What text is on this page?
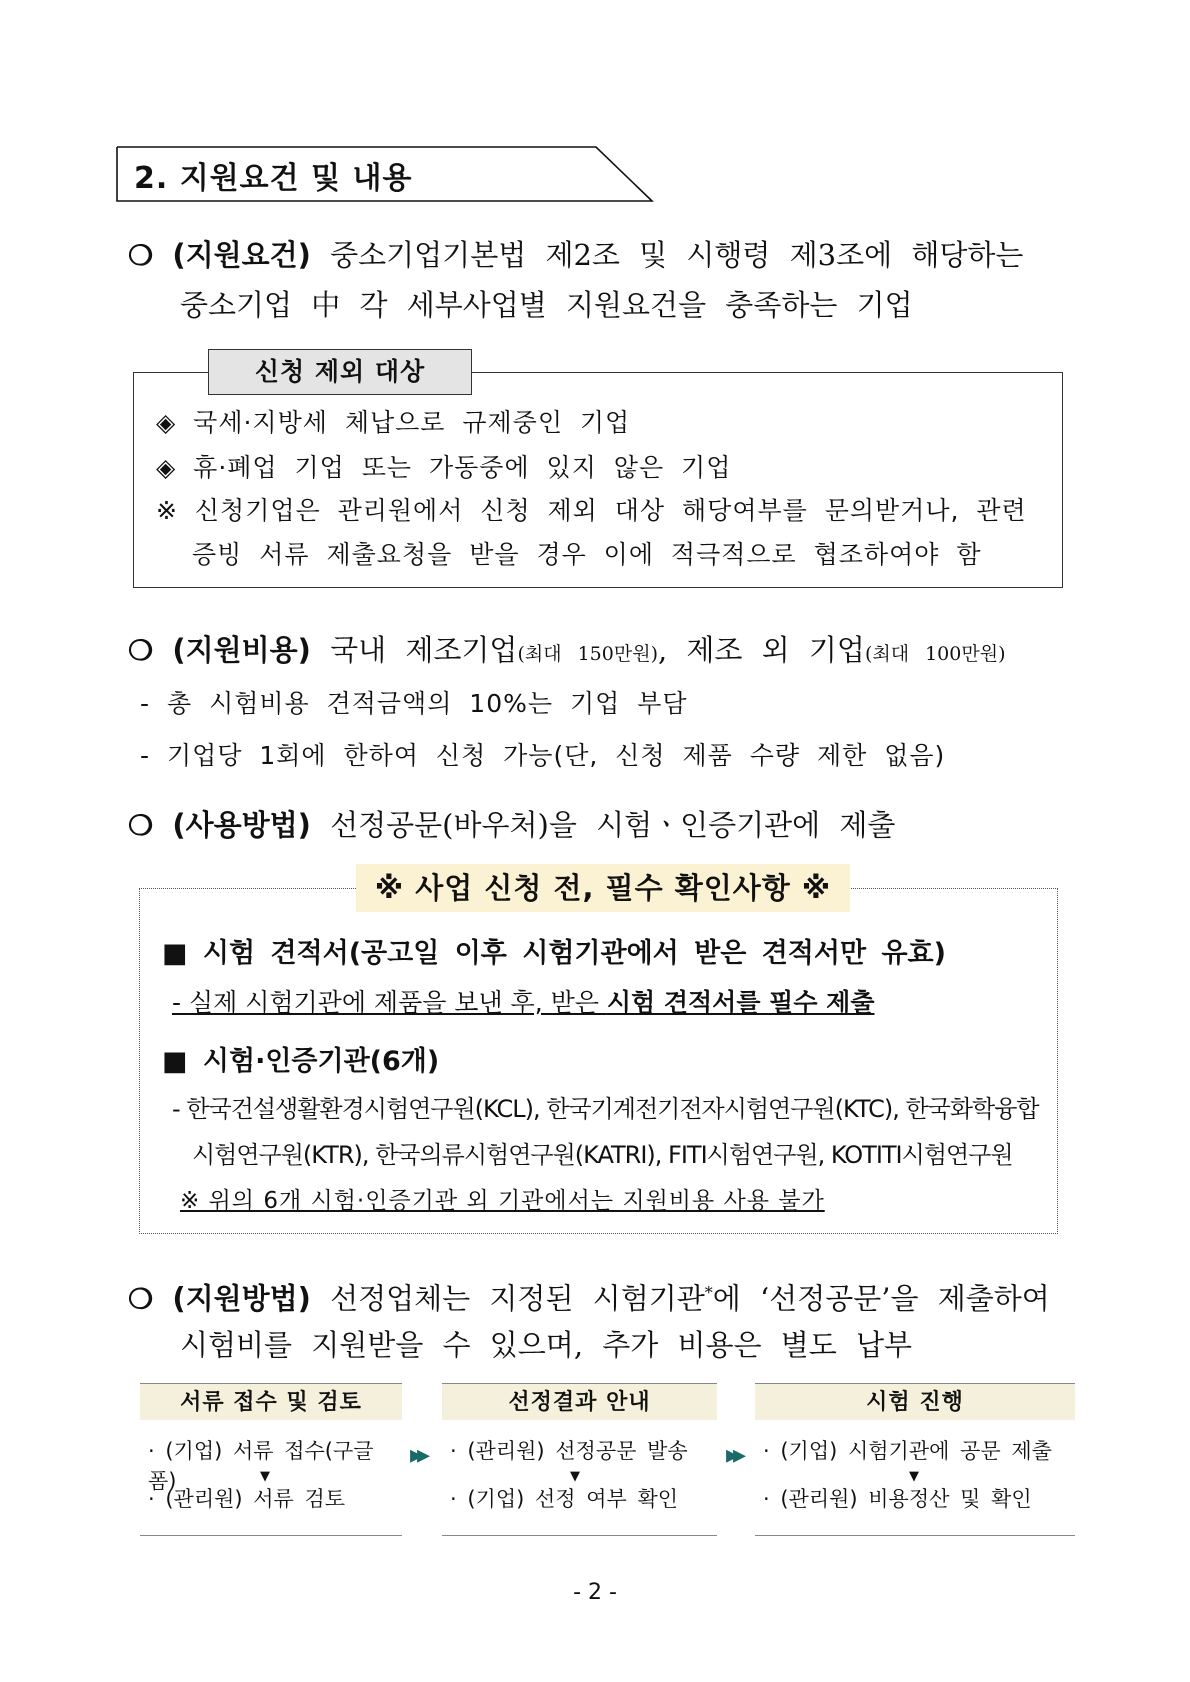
2. 지원요건 및 내용
❍ (지원요건) 중소기업기본법 제2조 및 시행령 제3조에 해당하는
중소기업 中 각 세부사업별 지원요건을 충족하는 기업
◈ 국세·지방세 체납으로 규제중인 기업
◈ 휴·폐업 기업 또는 가동중에 있지 않은 기업
※ 신청기업은 관리원에서 신청 제외 대상 해당여부를 문의받거나, 관련
증빙 서류 제출요청을 받을 경우 이에 적극적으로 협조하여야 함
신청 제외 대상
❍ (지원비용) 국내 제조기업(최대 150만원), 제조 외 기업(최대 100만원)
- 총 시험비용 견적금액의 10%는 기업 부담
- 기업당 1회에 한하여 신청 가능(단, 신청 제품 수량 제한 없음)
❍ (사용방법) 선정공문(바우처)을 시험ㆍ인증기관에 제출
■ 시험 견적서(공고일 이후 시험기관에서 받은 견적서만 유효)
- 실제 시험기관에 제품을 보낸 후, 받은 시험 견적서를 필수 제출
■ 시험·인증기관(6개)
- 한국건설생활환경시험연구원(KCL), 한국기계전기전자시험연구원(KTC), 한국화학융합
시험연구원(KTR), 한국의류시험연구원(KATRI), FITI시험연구원, KOTITI시험연구원
※ 위의 6개 시험·인증기관 외 기관에서는 지원비용 사용 불가
※ 사업 신청 전, 필수 확인사항 ※
❍ (지원방법) 선정업체는 지정된 시험기관*에 ‘선정공문’을 제출하여
시험비를 지원받을 수 있으며, 추가 비용은 별도 납부
서류 접수 및 검토
· (기업) 서류 접수(구글폼)	▼
· (관리원) 서류 검토
▸▸
선정결과 안내
· (관리원) 선정공문 발송
▼
· (기업) 선정 여부 확인
▸▸
시험 진행
· (기업) 시험기관에 공문 제출
▼
· (관리원) 비용정산 및 확인
- 2 -
